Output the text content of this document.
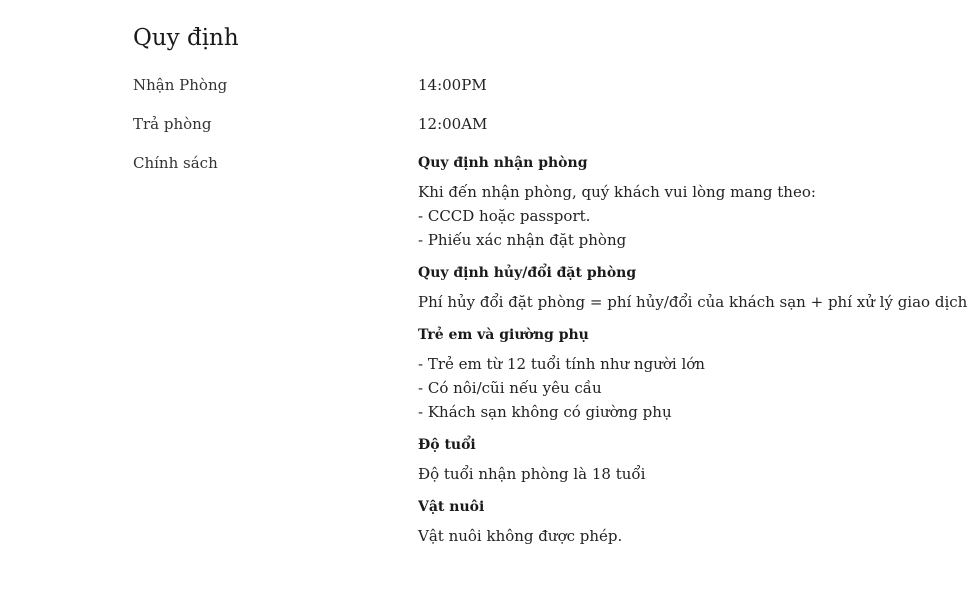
Quy định
Nhận Phòng	14:00PM
Trả phòng	12:00AM
Chính sách	Quy định nhận phòng
Khi đến nhận phòng, quý khách vui lòng mang theo:
- CCCD hoặc passport.
- Phiếu xác nhận đặt phòng
Quy định hủy/đổi đặt phòng
Phí hủy đổi đặt phòng = phí hủy/đổi của khách sạn + phí xử lý giao dịch
Trẻ em và giường phụ
- Trẻ em từ 12 tuổi tính như người lớn
- Có nôi/cũi nếu yêu cầu
- Khách sạn không có giường phụ
Độ tuổi
Độ tuổi nhận phòng là 18 tuổi
Vật nuôi
Vật nuôi không được phép.
